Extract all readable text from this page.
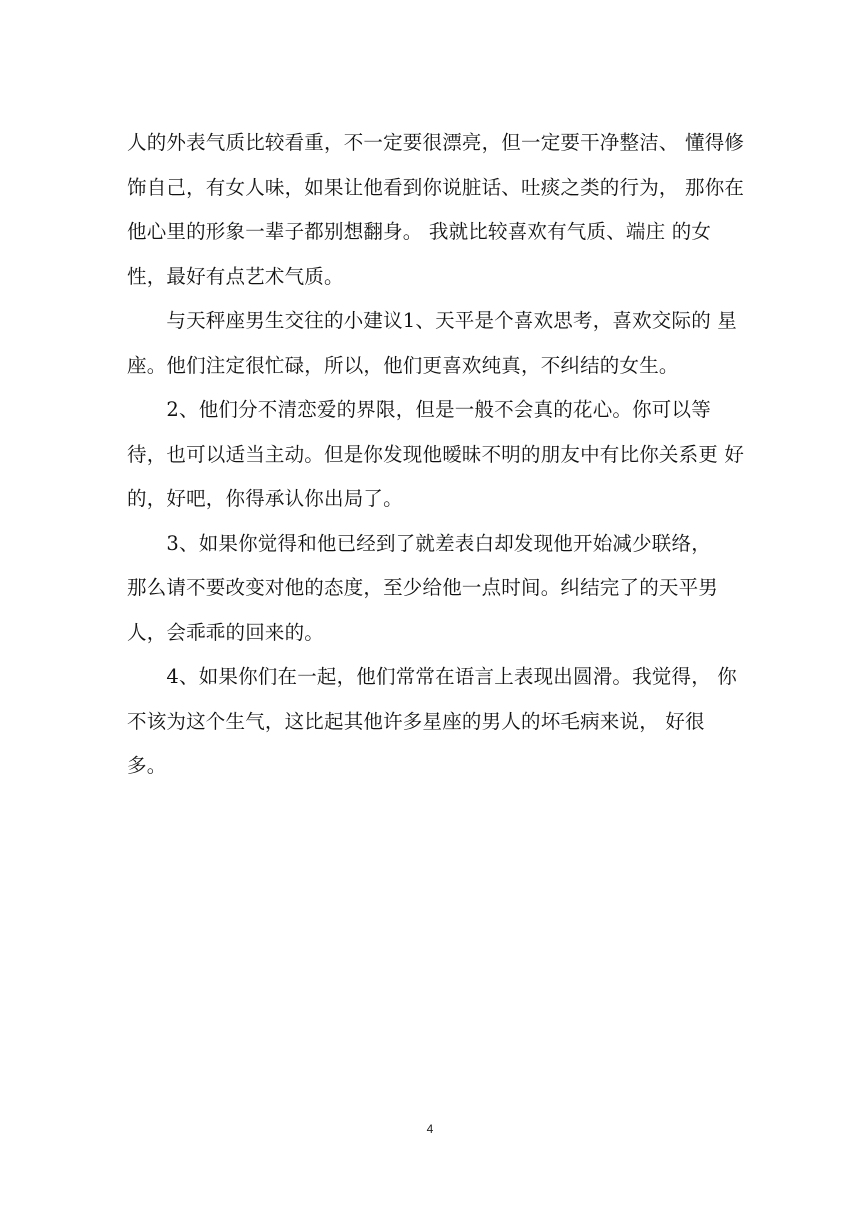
人的外表气质比较看重，不一定要很漂亮，但一定要干净整洁、 懂得修
饰自己，有女人味，如果让他看到你说脏话、吐痰之类的行为， 那你在
他心里的形象一辈子都别想翻身。 我就比较喜欢有气质、端庄 的女
性，最好有点艺术气质。
　　与天秤座男生交往的小建议1、天平是个喜欢思考，喜欢交际的 星
座。他们注定很忙碌，所以，他们更喜欢纯真，不纠结的女生。
　　2、他们分不清恋爱的界限，但是一般不会真的花心。你可以等
待，也可以适当主动。但是你发现他暧昧不明的朋友中有比你关系更 好
的，好吧，你得承认你出局了。
　　3、如果你觉得和他已经到了就差表白却发现他开始减少联络，
那么请不要改变对他的态度，至少给他一点时间。纠结完了的天平男
人，会乖乖的回来的。
　　4、如果你们在一起，他们常常在语言上表现出圆滑。我觉得， 你
不该为这个生气，这比起其他许多星座的男人的坏毛病来说， 好很
多。
4
